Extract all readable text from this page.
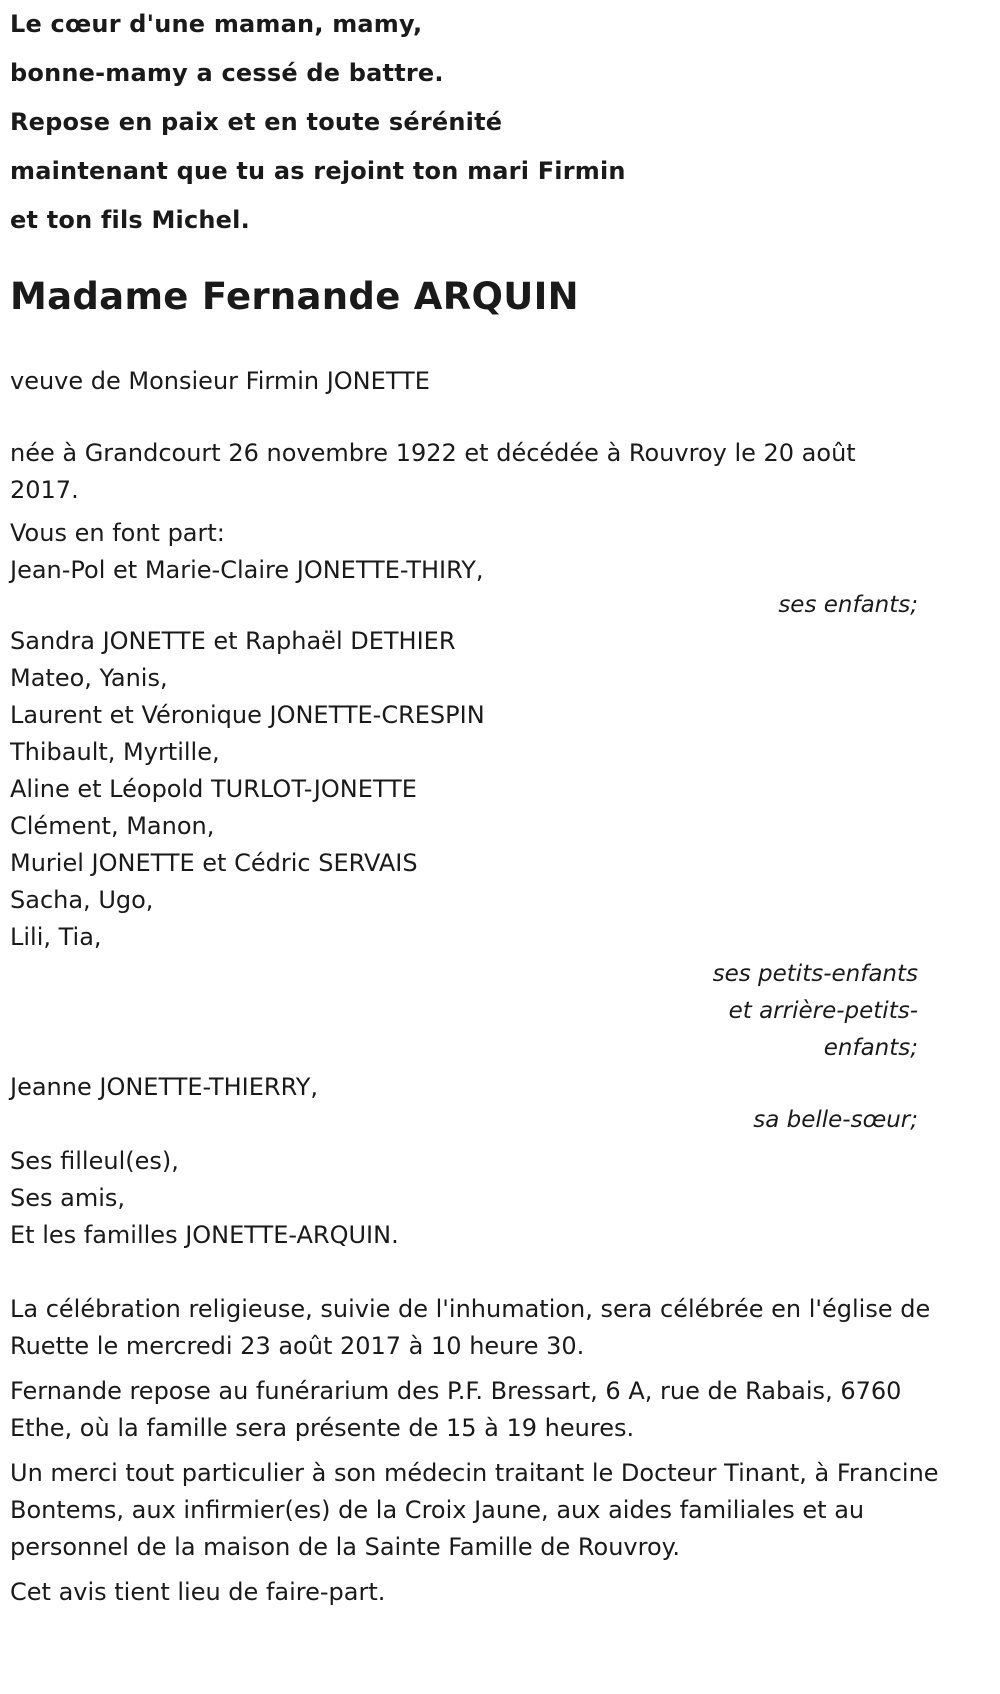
Le cœur d'une maman, mamy,
bonne-mamy a cessé de battre.
Repose en paix et en toute sérénité
maintenant que tu as rejoint ton mari Firmin
et ton fils Michel.
Madame Fernande ARQUIN

veuve de Monsieur Firmin JONETTE

née à Grandcourt 26 novembre 1922 et décédée à Rouvroy le 20 août 2017.

Vous en font part:

Jean-Pol et Marie-Claire JONETTE-THIRY,
ses enfants;
Sandra JONETTE et Raphaël DETHIER
Mateo, Yanis,
Laurent et Véronique JONETTE-CRESPIN
Thibault, Myrtille,
Aline et Léopold TURLOT-JONETTE
Clément, Manon,
Muriel JONETTE et Cédric SERVAIS
Sacha, Ugo,
Lili, Tia,
ses petits-enfants
et arrière-petits-
enfants;
Jeanne JONETTE-THIERRY,
sa belle-sœur;
Ses filleul(es),
Ses amis,
Et les familles JONETTE-ARQUIN.

La célébration religieuse, suivie de l'inhumation, sera célébrée en l'église de Ruette le mercredi 23 août 2017 à 10 heure 30.

Fernande repose au funérarium des P.F. Bressart, 6 A, rue de Rabais, 6760 Ethe, où la famille sera présente de 15 à 19 heures.

Un merci tout particulier à son médecin traitant le Docteur Tinant, à Francine Bontems, aux infirmier(es) de la Croix Jaune, aux aides familiales et au personnel de la maison de la Sainte Famille de Rouvroy.

Cet avis tient lieu de faire-part.
